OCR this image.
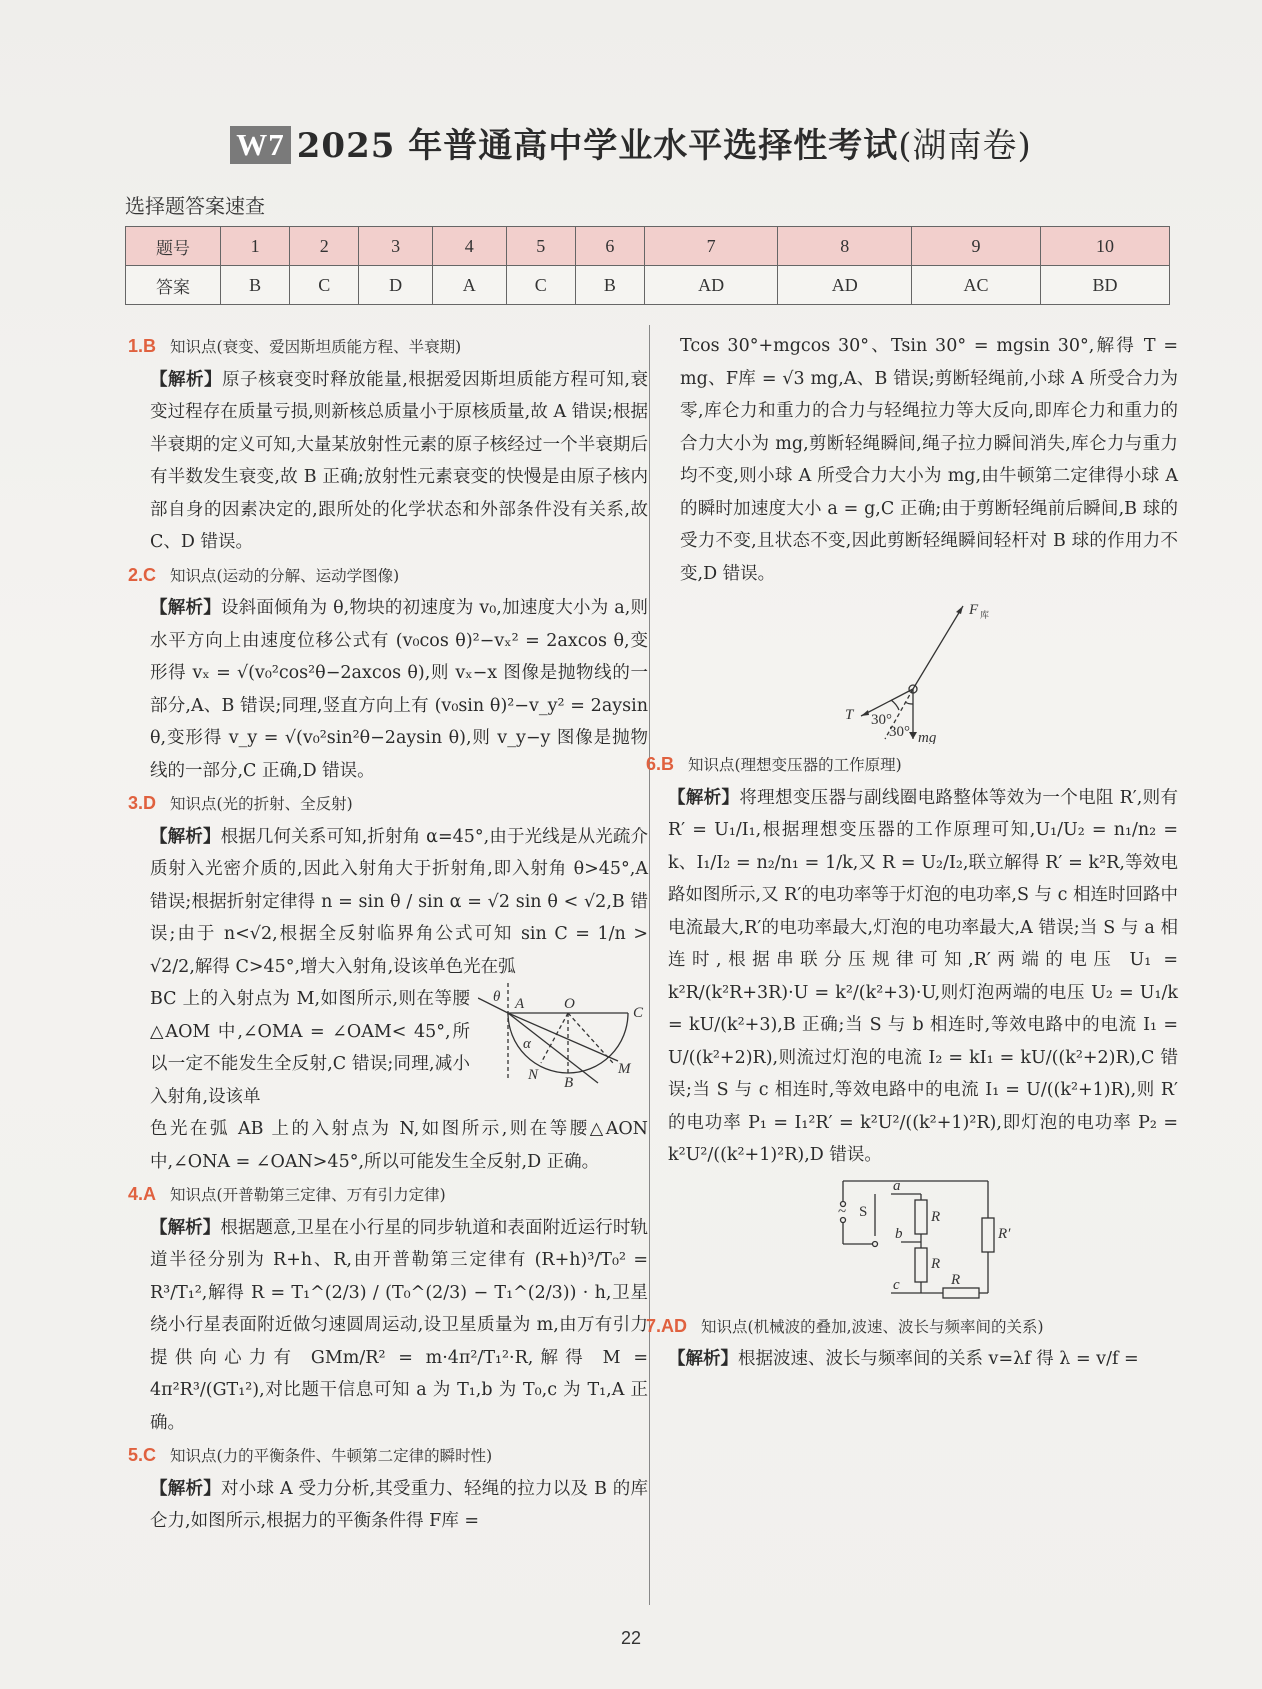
W7 2025 年普通高中学业水平选择性考试(湖南卷)
选择题答案速查
题号	1	2	3	4	5	6	7	8	9	10
答案	B	C	D	A	C	B	AD	AD	AC	BD

1.B 知识点(衰变、爱因斯坦质能方程、半衰期)

【解析】原子核衰变时释放能量,根据爱因斯坦质能方程可知,衰变过程存在质量亏损,则新核总质量小于原核质量,故 A 错误;根据半衰期的定义可知,大量某放射性元素的原子核经过一个半衰期后有半数发生衰变,故 B 正确;放射性元素衰变的快慢是由原子核内部自身的因素决定的,跟所处的化学状态和外部条件没有关系,故 C、D 错误。

2.C 知识点(运动的分解、运动学图像)

【解析】设斜面倾角为 θ,物块的初速度为 v₀,加速度大小为 a,则水平方向上由速度位移公式有 (v₀cos θ)²−vₓ² = 2axcos θ,变形得 vₓ = √(v₀²cos²θ−2axcos θ),则 vₓ−x 图像是抛物线的一部分,A、B 错误;同理,竖直方向上有 (v₀sin θ)²−v_y² = 2aysin θ,变形得 v_y = √(v₀²sin²θ−2aysin θ),则 v_y−y 图像是抛物线的一部分,C 正确,D 错误。

3.D 知识点(光的折射、全反射)

【解析】根据几何关系可知,折射角 α=45°,由于光线是从光疏介质射入光密介质的,因此入射角大于折射角,即入射角 θ>45°,A 错误;根据折射定律得 n = sin θ / sin α = √2 sin θ < √2,B 错误;由于 n<√2,根据全反射临界角公式可知 sin C = 1/n > √2/2,解得 C>45°,增大入射角,设该单色光在弧

θ A	O
C
α
N B
M
BC 上的入射点为 M,如图所示,则在等腰△AOM 中,∠OMA = ∠OAM< 45°,所以一定不能发生全反射,C 错误;同理,减小入射角,设该单

色光在弧 AB 上的入射点为 N,如图所示,则在等腰△AON 中,∠ONA = ∠OAN>45°,所以可能发生全反射,D 正确。

4.A 知识点(开普勒第三定律、万有引力定律)

【解析】根据题意,卫星在小行星的同步轨道和表面附近运行时轨道半径分别为 R+h、R,由开普勒第三定律有 (R+h)³/T₀² = R³/T₁²,解得 R = T₁^(2/3) / (T₀^(2/3) − T₁^(2/3)) · h,卫星绕小行星表面附近做匀速圆周运动,设卫星质量为 m,由万有引力提供向心力有 GMm/R² = m·4π²/T₁²·R,解得 M = 4π²R³/(GT₁²),对比题干信息可知 a 为 T₁,b 为 T₀,c 为 T₁,A 正确。

5.C 知识点(力的平衡条件、牛顿第二定律的瞬时性)

【解析】对小球 A 受力分析,其受重力、轻绳的拉力以及 B 的库仑力,如图所示,根据力的平衡条件得 F库 =

Tcos 30°+mgcos 30°、Tsin 30° = mgsin 30°,解得 T = mg、F库 = √3 mg,A、B 错误;剪断轻绳前,小球 A 所受合力为零,库仑力和重力的合力与轻绳拉力等大反向,即库仑力和重力的合力大小为 mg,剪断轻绳瞬间,绳子拉力瞬间消失,库仑力与重力均不变,则小球 A 所受合力大小为 mg,由牛顿第二定律得小球 A 的瞬时加速度大小 a = g,C 正确;由于剪断轻绳前后瞬间,B 球的受力不变,且状态不变,因此剪断轻绳瞬间轻杆对 B 球的作用力不变,D 错误。

F 库
T 30°
30° mg

6.B 知识点(理想变压器的工作原理)

【解析】将理想变压器与副线圈电路整体等效为一个电阻 R′,则有 R′ = U₁/I₁,根据理想变压器的工作原理可知,U₁/U₂ = n₁/n₂ = k、I₁/I₂ = n₂/n₁ = 1/k,又 R = U₂/I₂,联立解得 R′ = k²R,等效电路如图所示,又 R′的电功率等于灯泡的电功率,S 与 c 相连时回路中电流最大,R′的电功率最大,灯泡的电功率最大,A 错误;当 S 与 a 相连时,根据串联分压规律可知,R′两端的电压 U₁ = k²R/(k²R+3R)·U = k²/(k²+3)·U,则灯泡两端的电压 U₂ = U₁/k = kU/(k²+3),B 正确;当 S 与 b 相连时,等效电路中的电流 I₁ = U/((k²+2)R),则流过灯泡的电流 I₂ = kI₁ = kU/((k²+2)R),C 错误;当 S 与 c 相连时,等效电路中的电流 I₁ = U/((k²+1)R),则 R′的电功率 P₁ = I₁²R′ = k²U²/((k²+1)²R),即灯泡的电功率 P₂ = k²U²/((k²+1)²R),D 错误。

~ S
a
b
c
R
R
R
R′

7.AD 知识点(机械波的叠加,波速、波长与频率间的关系)

【解析】根据波速、波长与频率间的关系 v=λf 得 λ = v/f =

22
